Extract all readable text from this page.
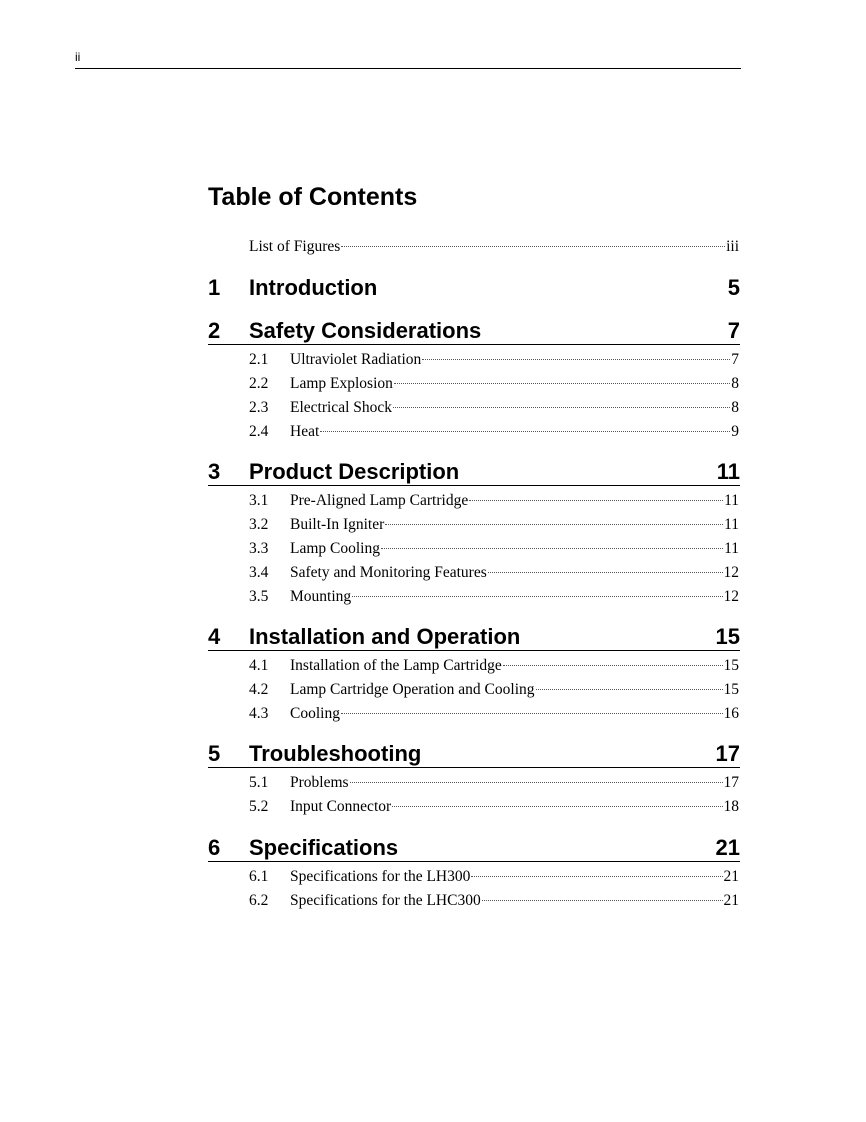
ii
Table of Contents
List of Figures	iii
1	Introduction	5
2	Safety Considerations	7
2.1	Ultraviolet Radiation	7
2.2	Lamp Explosion	8
2.3	Electrical Shock	8
2.4	Heat	9
3	Product Description	11
3.1	Pre-Aligned Lamp Cartridge	11
3.2	Built-In Igniter	11
3.3	Lamp Cooling	11
3.4	Safety and Monitoring Features	12
3.5	Mounting	12
4	Installation and Operation	15
4.1	Installation of the Lamp Cartridge	15
4.2	Lamp Cartridge Operation and Cooling	15
4.3	Cooling	16
5	Troubleshooting	17
5.1	Problems	17
5.2	Input Connector	18
6	Specifications	21
6.1	Specifications for the LH300	21
6.2	Specifications for the LHC300	21
